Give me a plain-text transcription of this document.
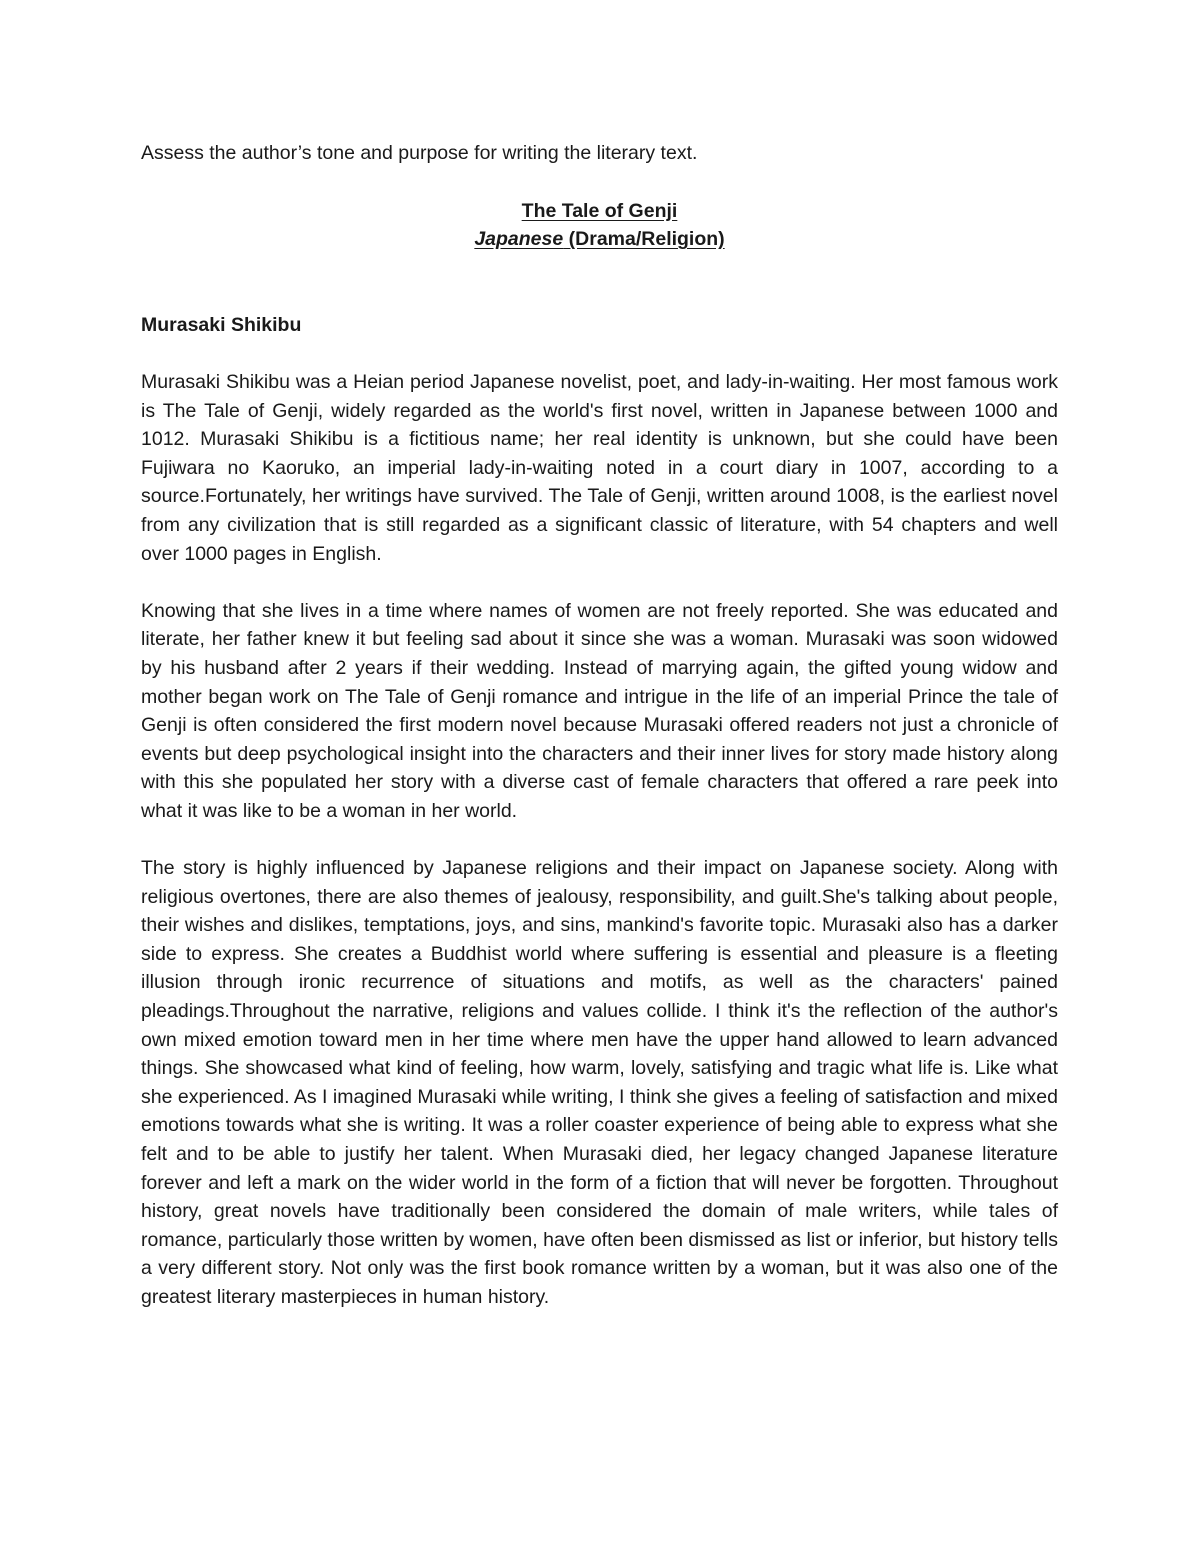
Assess the author’s tone and purpose for writing the literary text.

The Tale of Genji
Japanese (Drama/Religion)

Murasaki Shikibu

Murasaki Shikibu was a Heian period Japanese novelist, poet, and lady-in-waiting. Her most famous work is The Tale of Genji, widely regarded as the world's first novel, written in Japanese between 1000 and 1012. Murasaki Shikibu is a fictitious name; her real identity is unknown, but she could have been Fujiwara no Kaoruko, an imperial lady-in-waiting noted in a court diary in 1007, according to a source.Fortunately, her writings have survived. The Tale of Genji, written around 1008, is the earliest novel from any civilization that is still regarded as a significant classic of literature, with 54 chapters and well over 1000 pages in English.

Knowing that she lives in a time where names of women are not freely reported. She was educated and literate, her father knew it but feeling sad about it since she was a woman. Murasaki was soon widowed by his husband after 2 years if their wedding. Instead of marrying again, the gifted young widow and mother began work on The Tale of Genji romance and intrigue in the life of an imperial Prince the tale of Genji is often considered the first modern novel because Murasaki offered readers not just a chronicle of events but deep psychological insight into the characters and their inner lives for story made history along with this she populated her story with a diverse cast of female characters that offered a rare peek into what it was like to be a woman in her world.

The story is highly influenced by Japanese religions and their impact on Japanese society. Along with religious overtones, there are also themes of jealousy, responsibility, and guilt.She's talking about people, their wishes and dislikes, temptations, joys, and sins, mankind's favorite topic. Murasaki also has a darker side to express. She creates a Buddhist world where suffering is essential and pleasure is a fleeting illusion through ironic recurrence of situations and motifs, as well as the characters' pained pleadings.Throughout the narrative, religions and values collide. I think it's the reflection of the author's own mixed emotion toward men in her time where men have the upper hand allowed to learn advanced things. She showcased what kind of feeling, how warm, lovely, satisfying and tragic what life is. Like what she experienced. As I imagined Murasaki while writing, I think she gives a feeling of satisfaction and mixed emotions towards what she is writing. It was a roller coaster experience of being able to express what she felt and to be able to justify her talent. When Murasaki died, her legacy changed Japanese literature forever and left a mark on the wider world in the form of a fiction that will never be forgotten. Throughout history, great novels have traditionally been considered the domain of male writers, while tales of romance, particularly those written by women, have often been dismissed as list or inferior, but history tells a very different story. Not only was the first book romance written by a woman, but it was also one of the greatest literary masterpieces in human history.
